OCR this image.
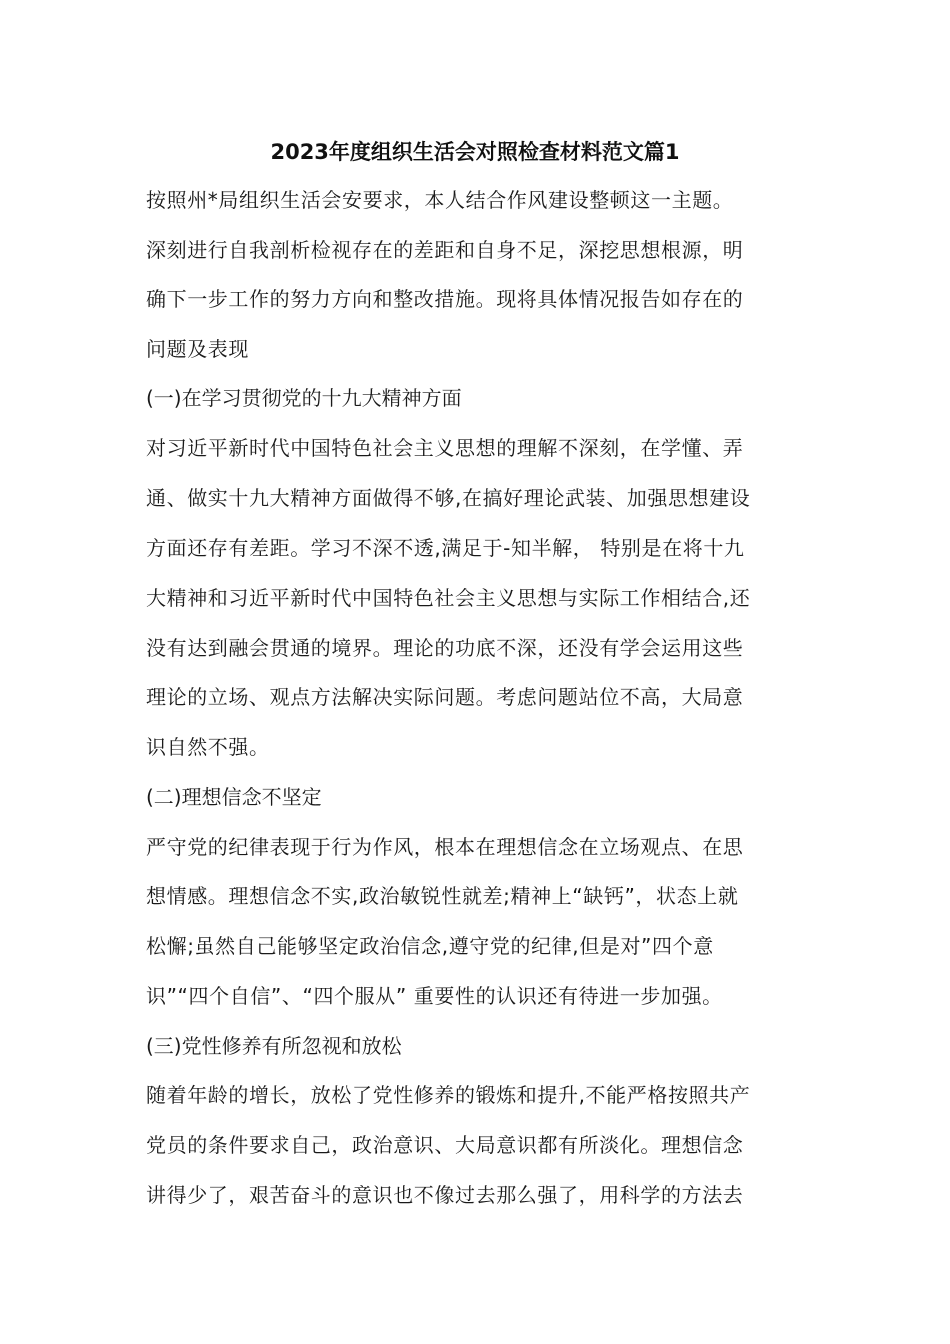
2023年度组织生活会对照检查材料范文篇1
按照州*局组织生活会安要求，本人结合作风建设整顿这一主题。
深刻进行自我剖析检视存在的差距和自身不足，深挖思想根源，明
确下一步工作的努力方向和整改措施。现将具体情况报告如存在的
问题及表现
(一)在学习贯彻党的十九大精神方面
对习近平新时代中国特色社会主义思想的理解不深刻，在学懂、弄
通、做实十九大精神方面做得不够,在搞好理论武装、加强思想建设
方面还存有差距。学习不深不透,满足于-知半解， 特别是在将十九
大精神和习近平新时代中国特色社会主义思想与实际工作相结合,还
没有达到融会贯通的境界。理论的功底不深，还没有学会运用这些
理论的立场、观点方法解决实际问题。考虑问题站位不高，大局意
识自然不强。
(二)理想信念不坚定
严守党的纪律表现于行为作风，根本在理想信念在立场观点、在思
想情感。理想信念不实,政治敏锐性就差;精神上“缺钙”，状态上就
松懈;虽然自己能够坚定政治信念,遵守党的纪律,但是对”四个意
识”“四个自信”、“四个服从” 重要性的认识还有待进一步加强。
(三)党性修养有所忽视和放松
随着年龄的增长，放松了党性修养的锻炼和提升,不能严格按照共产
党员的条件要求自己，政治意识、大局意识都有所淡化。理想信念
讲得少了，艰苦奋斗的意识也不像过去那么强了，用科学的方法去
